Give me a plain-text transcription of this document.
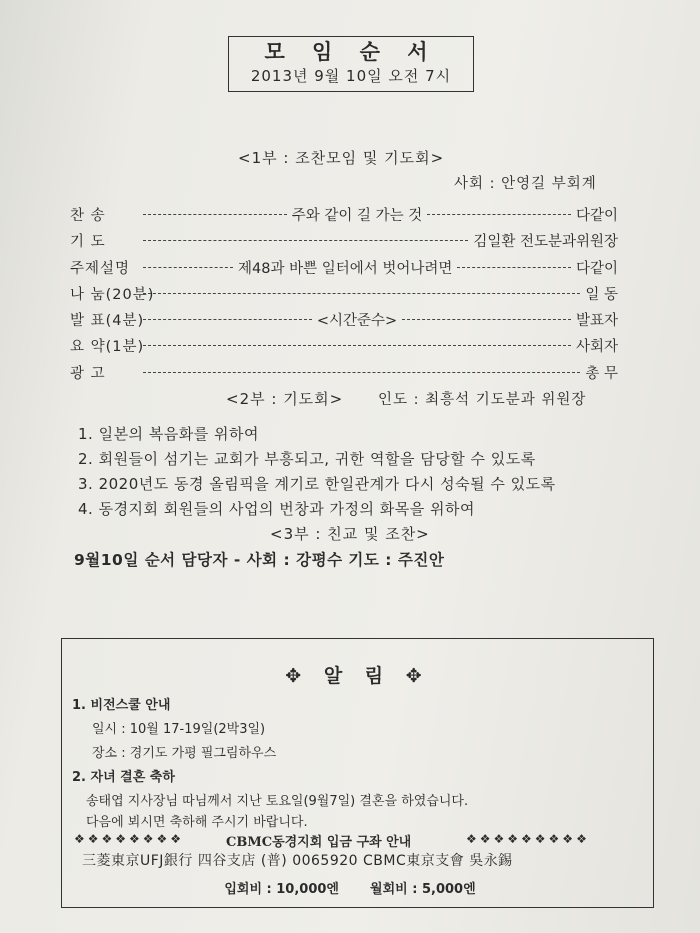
모 임 순 서
2013년 9월 10일 오전 7시
<1부 : 조찬모임 및 기도회>
사회 : 안영길 부회계
찬 송	주와 같이 길 가는 것	다같이
기 도	김일환 전도분과위원장
주제설명	제48과 바쁜 일터에서 벗어나려면	다같이
나 눔(20분)	일 동
발 표(4분)	<시간준수>	발표자
요 약(1분)	사회자
광 고	총 무
<2부 : 기도회> 인도 : 최흥석 기도분과 위원장
1. 일본의 복음화를 위하여
2. 회원들이 섬기는 교회가 부흥되고, 귀한 역할을 담당할 수 있도록
3. 2020년도 동경 올림픽을 계기로 한일관계가 다시 성숙될 수 있도록
4. 동경지회 회원들의 사업의 번창과 가정의 화목을 위하여
<3부 : 친교 및 조찬>
9월10일 순서 담당자 - 사회 : 강평수 기도 : 주진안
✥ 알 림 ✥
1. 비전스쿨 안내
일시 : 10월 17-19일(2박3일)
장소 : 경기도 가평 필그림하우스
2. 자녀 결혼 축하
송태엽 지사장님 따님께서 지난 토요일(9월7일) 결혼을 하였습니다.
다음에 뵈시면 축하해 주시기 바랍니다.
❖❖❖❖❖❖❖❖	CBMC동경지회 입금 구좌 안내	❖❖❖❖❖❖❖❖❖
三菱東京UFJ銀行 四谷支店 (普) 0065920 CBMC東京支會 吳永錫
입회비 : 10,000엔 월회비 : 5,000엔
